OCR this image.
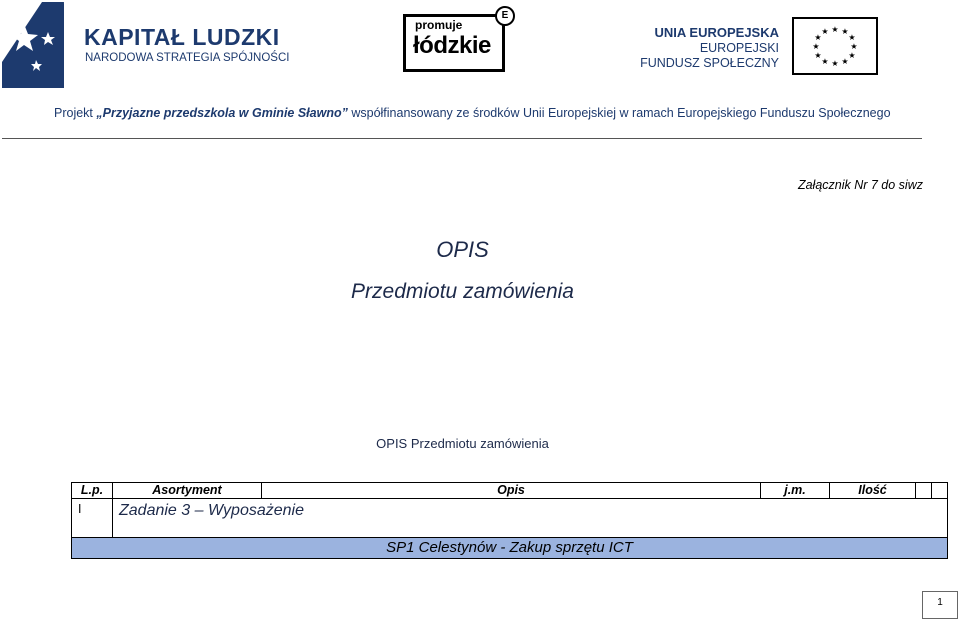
KAPITAŁ LUDZKI
NARODOWA STRATEGIA SPÓJNOŚCI
promuje
łódzkie
E
UNIA EUROPEJSKA
EUROPEJSKI
FUNDUSZ SPOŁECZNY
★ ★
★
★
★
★
★
★
★
★
★
★
Projekt „Przyjazne przedszkola w Gminie Sławno” współfinansowany ze środków Unii Europejskiej w ramach Europejskiego Funduszu Społecznego
Załącznik Nr 7 do siwz
OPIS
Przedmiotu zamówienia
OPIS Przedmiotu zamówienia
L.p.	Asortyment	Opis	j.m.	Ilość
I	Zadanie 3 – Wyposażenie
SP1 Celestynów - Zakup sprzętu ICT
1
